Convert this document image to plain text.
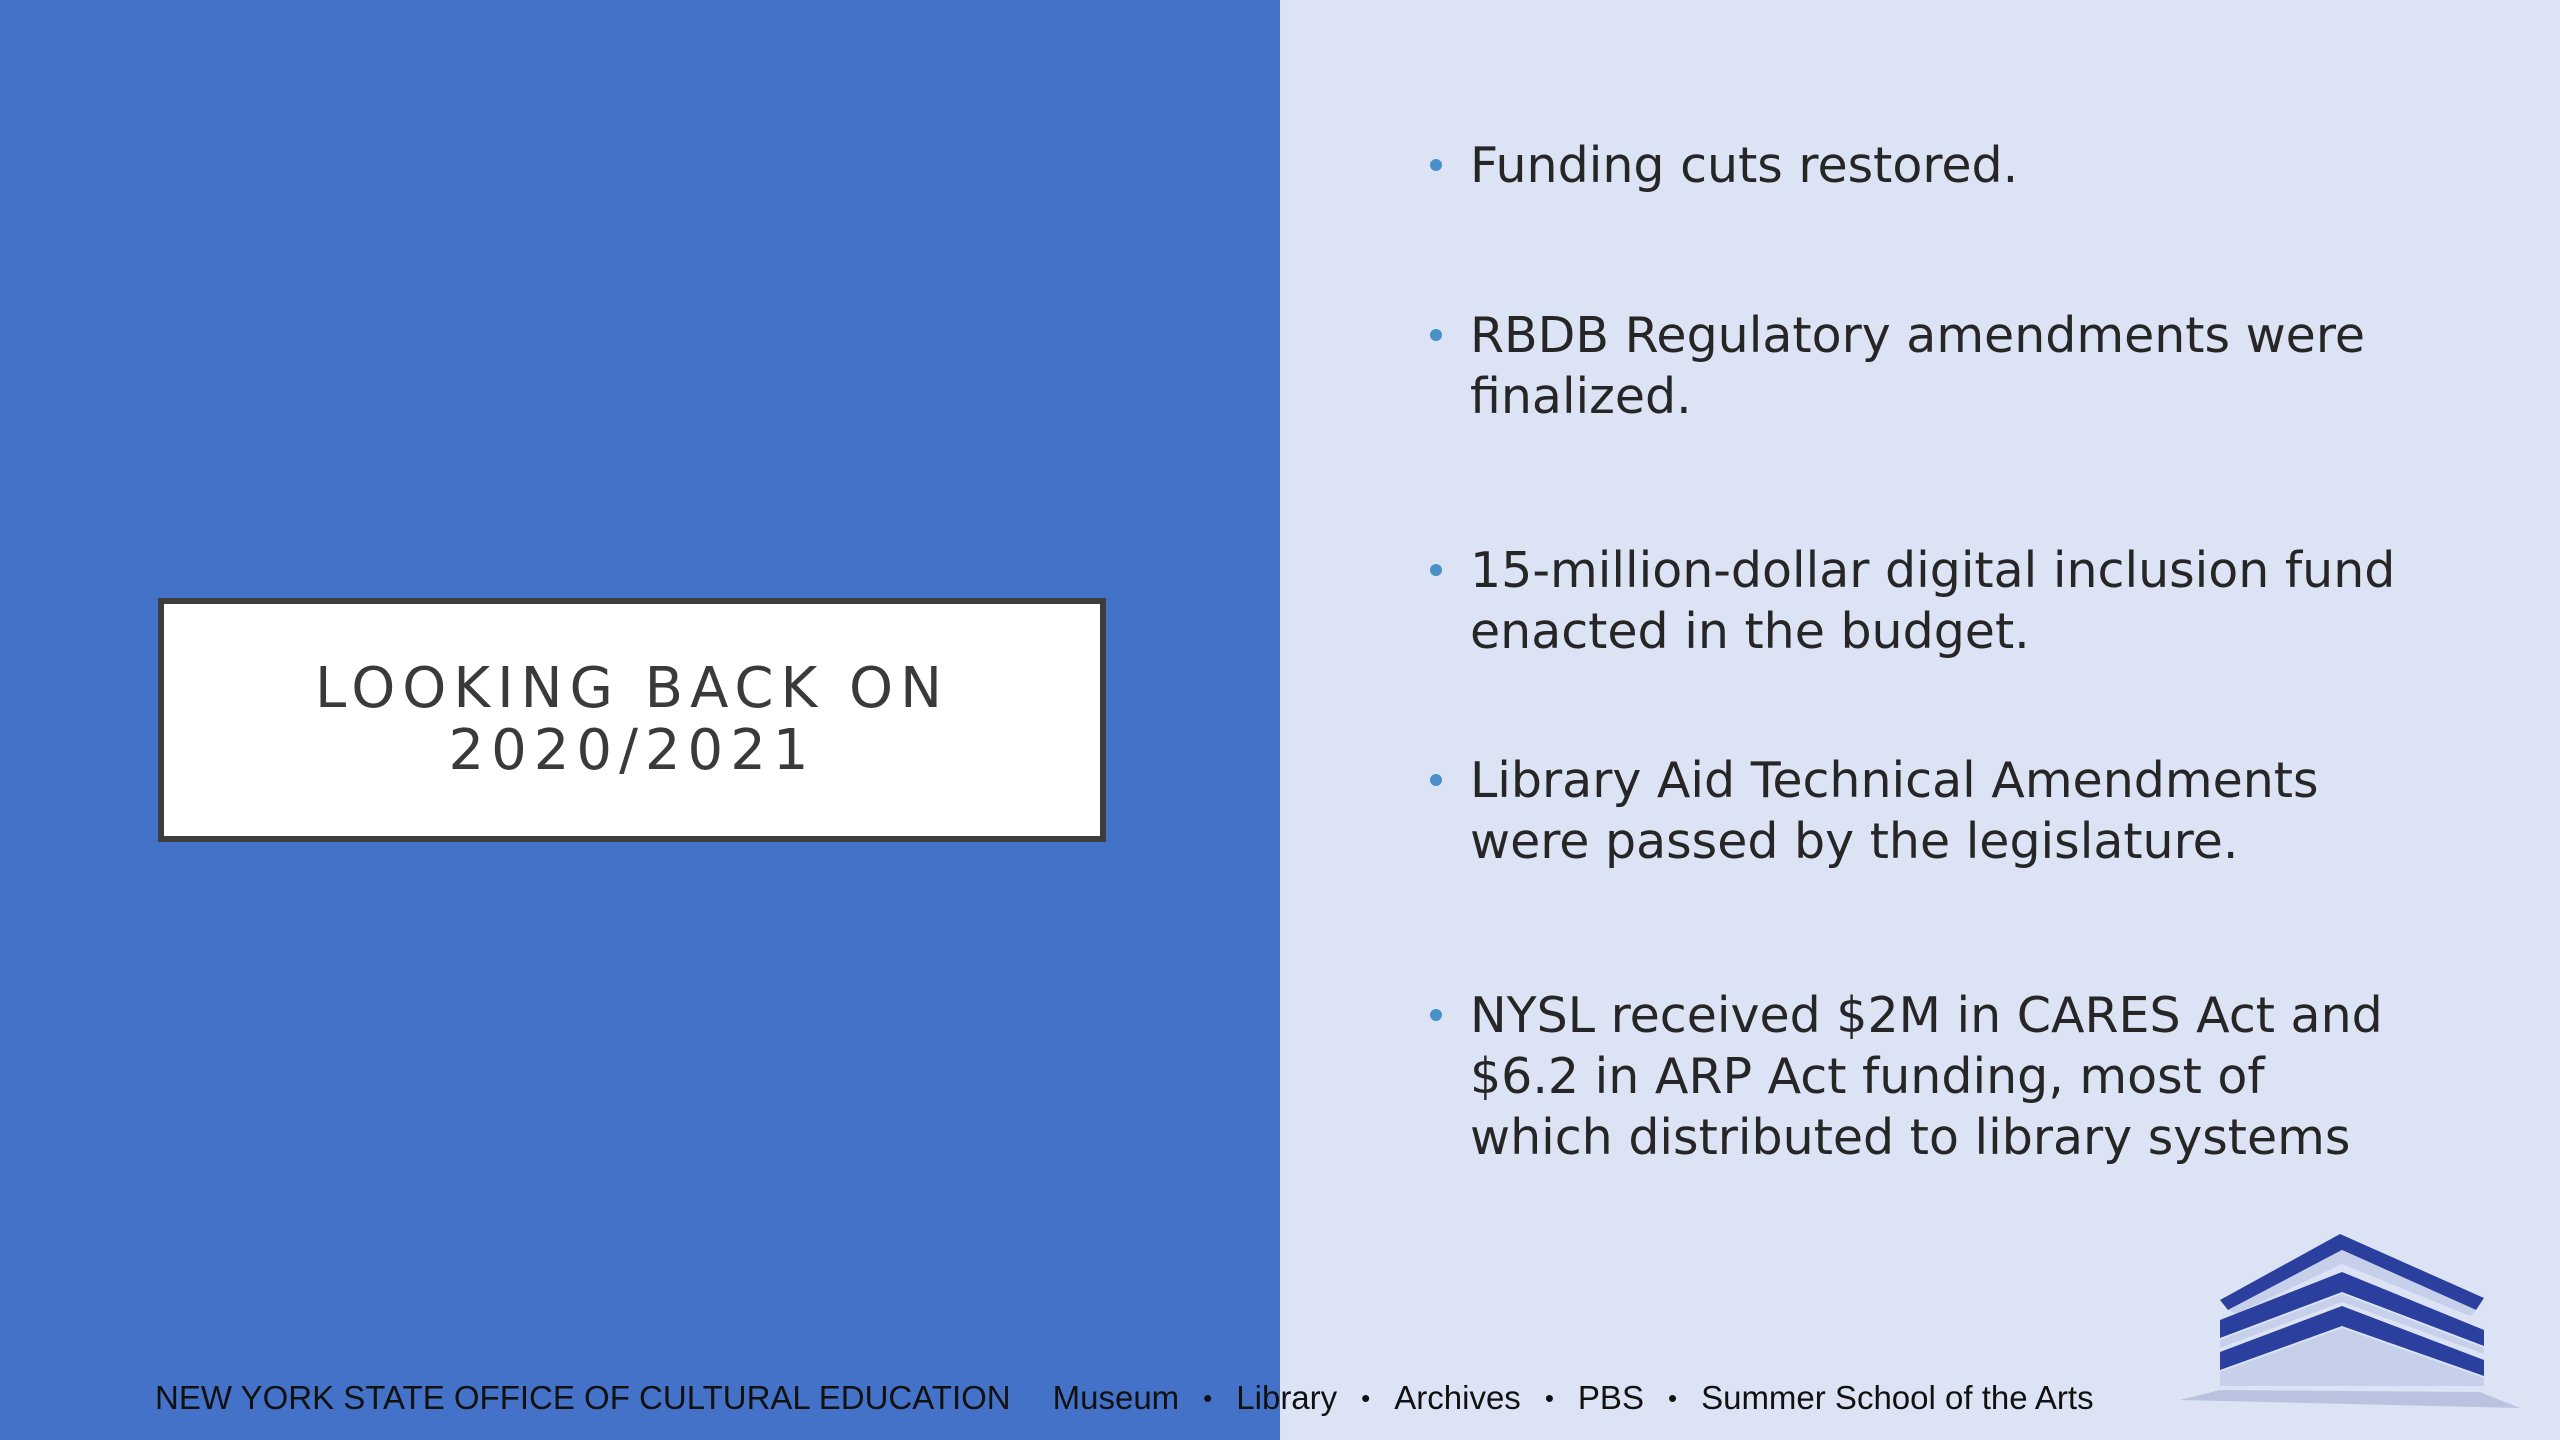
LOOKING BACK ON
2020/2021
Funding cuts restored.
RBDB Regulatory amendments were
finalized.
15-million-dollar digital inclusion fund
enacted in the budget.
Library Aid Technical Amendments
were passed by the legislature.
NYSL received $2M in CARES Act and
$6.2 in ARP Act funding, most of
which distributed to library systems
NEW YORK STATE OFFICE OF CULTURAL EDUCATION Museum • Library • Archives • PBS • Summer School of the Arts
